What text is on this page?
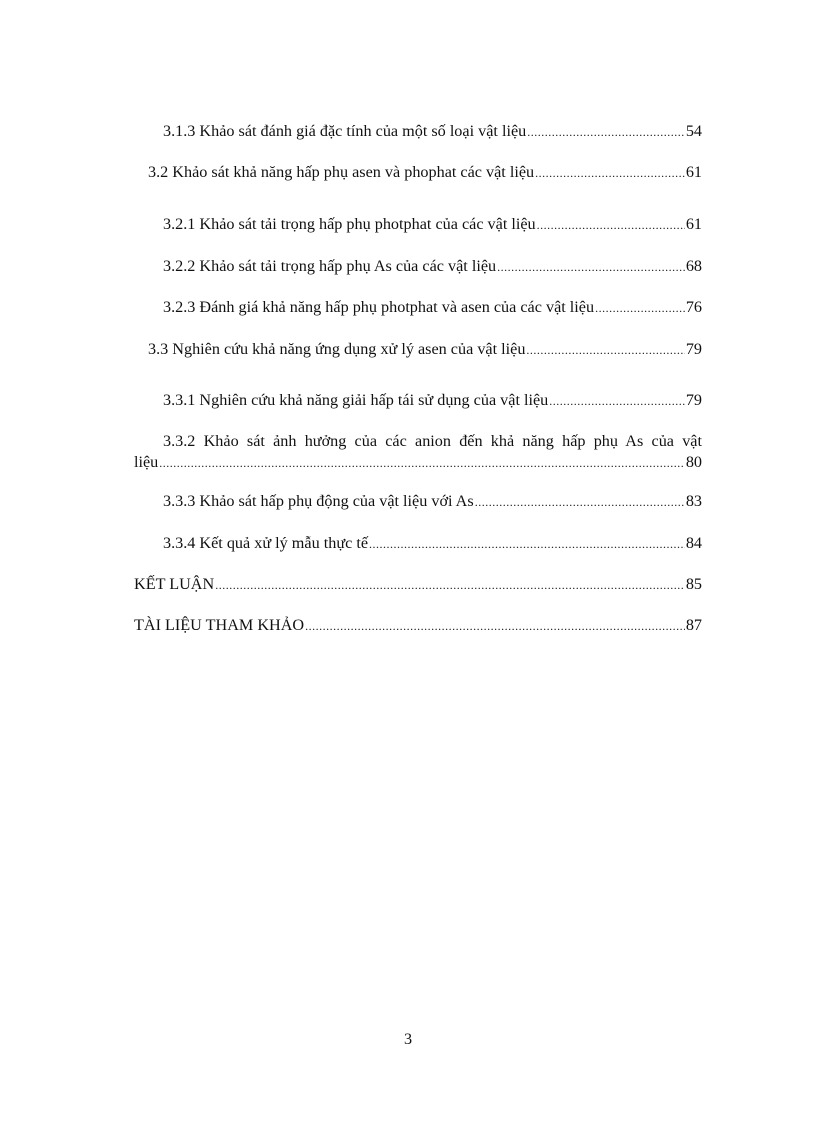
3.1.3 Khảo sát đánh giá đặc tính của một số loại vật liệu .....	54
3.2 Khảo sát khả năng hấp phụ asen và phophat các vật liệu .....	61
3.2.1 Khảo sát tải trọng hấp phụ photphat của các vật liệu .....	61
3.2.2 Khảo sát tải trọng hấp phụ As của các vật liệu .....	68
3.2.3 Đánh giá khả năng hấp phụ photphat và asen của các vật liệu .....	76
3.3 Nghiên cứu khả năng ứng dụng xử lý asen của vật liệu .....	79
3.3.1 Nghiên cứu khả năng giải hấp tái sử dụng của vật liệu .....	79
3.3.2 Khảo sát ảnh hưởng của các anion đến khả năng hấp phụ As của vật
liệu .....	80
3.3.3 Khảo sát hấp phụ động của vật liệu với As .....	83
3.3.4 Kết quả xử lý mẫu thực tế .....	84
KẾT LUẬN .....	85
TÀI LIỆU THAM KHẢO .....	87
3
